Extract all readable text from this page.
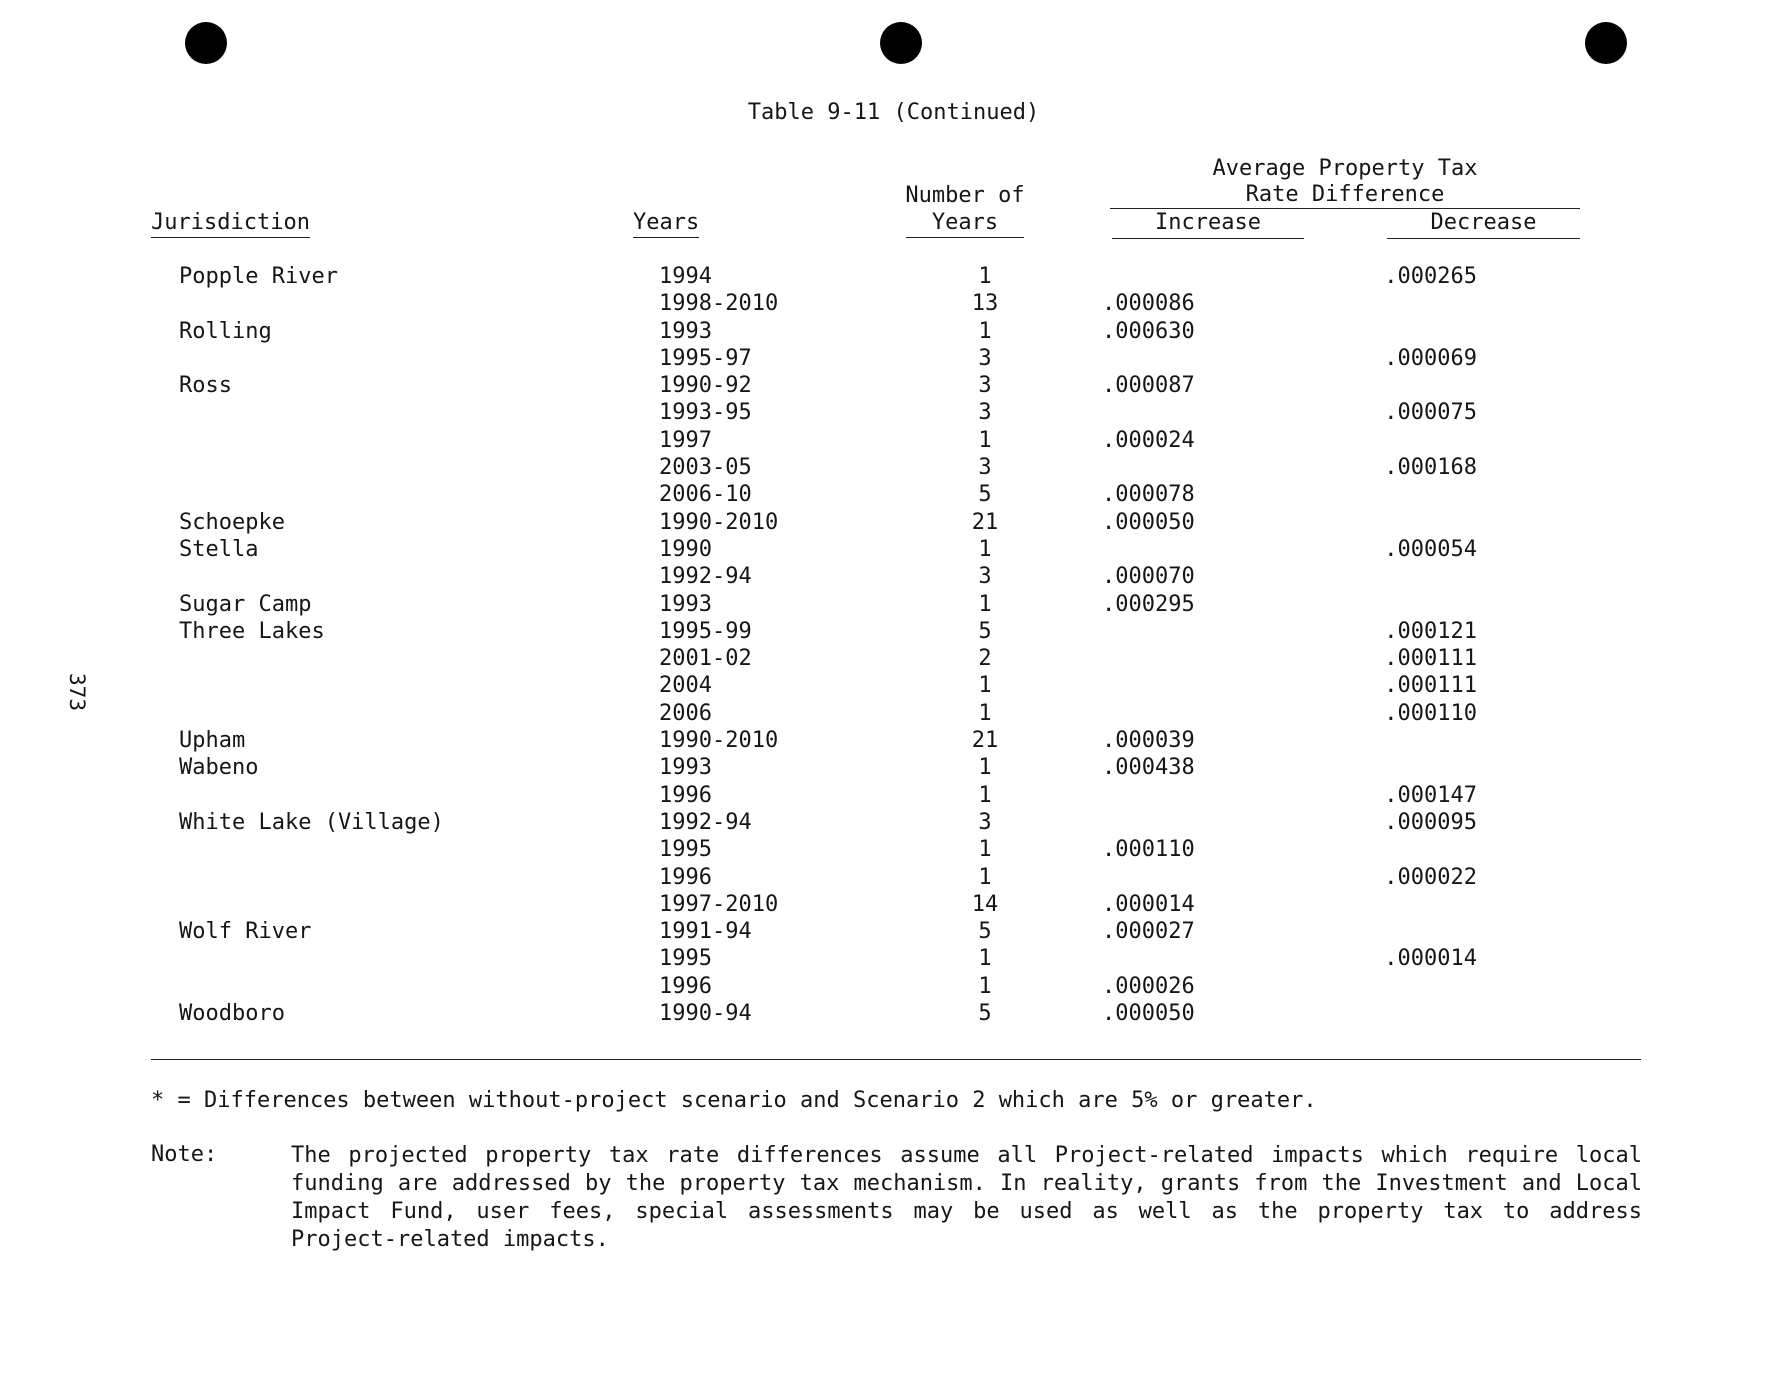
373
Table 9-11 (Continued)
Jurisdiction	Years
Number of
Years
Average Property Tax
Rate Difference
Increase	Decrease
Popple River	1994	1		.000265
	1998-2010	13	.000086	
Rolling	1993	1	.000630	
	1995-97	3		.000069
Ross	1990-92	3	.000087	
	1993-95	3		.000075
	1997	1	.000024	
	2003-05	3		.000168
	2006-10	5	.000078	
Schoepke	1990-2010	21	.000050	
Stella	1990	1		.000054
	1992-94	3	.000070	
Sugar Camp	1993	1	.000295	
Three Lakes	1995-99	5		.000121
	2001-02	2		.000111
	2004	1		.000111
	2006	1		.000110
Upham	1990-2010	21	.000039	
Wabeno	1993	1	.000438	
	1996	1		.000147
White Lake (Village)	1992-94	3		.000095
	1995	1	.000110	
	1996	1		.000022
	1997-2010	14	.000014	
Wolf River	1991-94	5	.000027	
	1995	1		.000014
	1996	1	.000026	
Woodboro	1990-94	5	.000050	
* = Differences between without-project scenario and Scenario 2 which are 5% or greater.
Note:	The projected property tax rate differences assume all Project-related impacts which require local funding are addressed by the property tax mechanism. In reality, grants from the Investment and Local Impact Fund, user fees, special assessments may be used as well as the property tax to address Project-related impacts.
